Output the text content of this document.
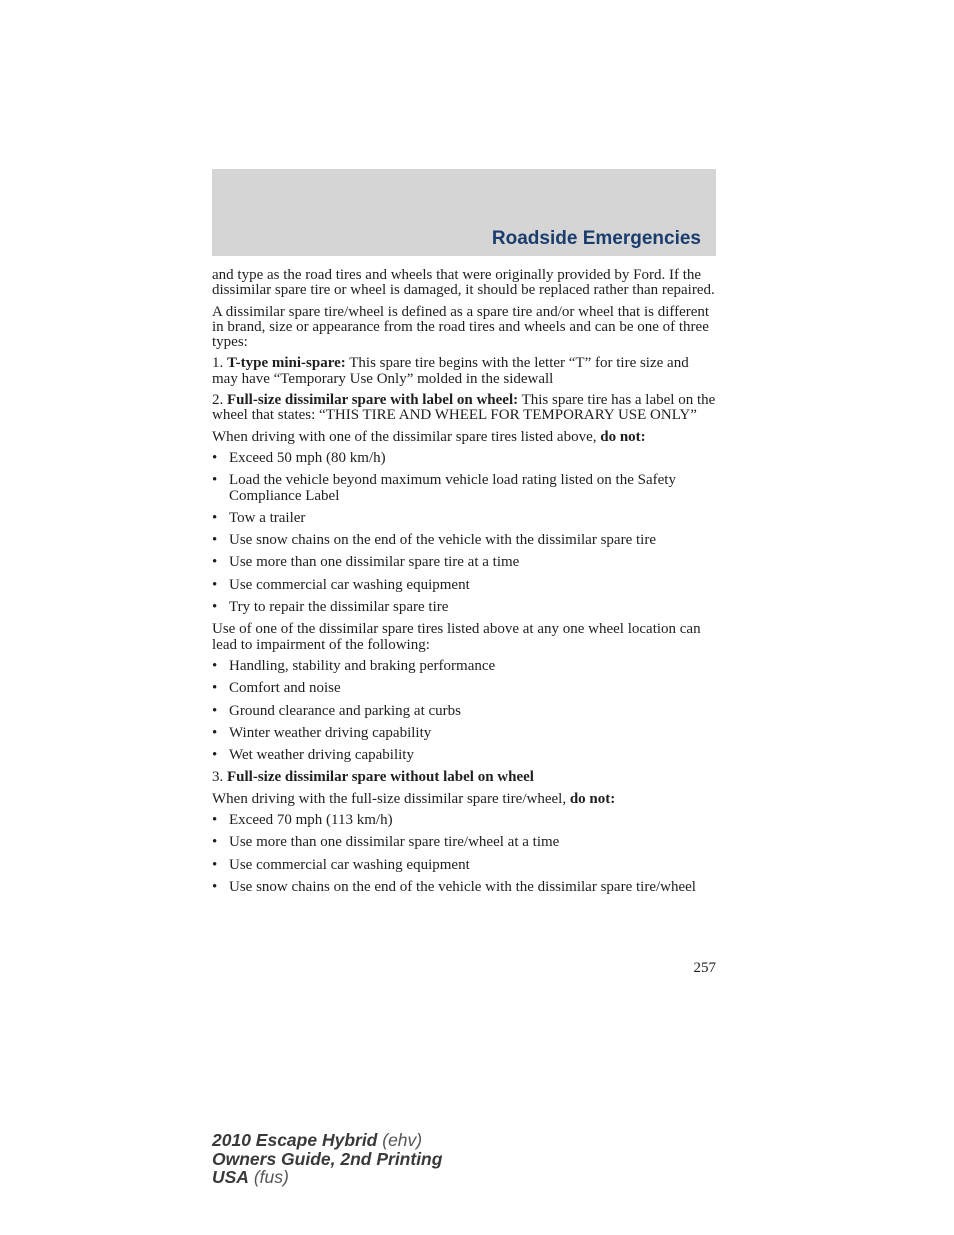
Roadside Emergencies

and type as the road tires and wheels that were originally provided by Ford. If the dissimilar spare tire or wheel is damaged, it should be replaced rather than repaired.

A dissimilar spare tire/wheel is defined as a spare tire and/or wheel that is different in brand, size or appearance from the road tires and wheels and can be one of three types:

1. T-type mini-spare: This spare tire begins with the letter “T” for tire size and may have “Temporary Use Only” molded in the sidewall

2. Full-size dissimilar spare with label on wheel: This spare tire has a label on the wheel that states: “THIS TIRE AND WHEEL FOR TEMPORARY USE ONLY”

When driving with one of the dissimilar spare tires listed above, do not:

• Exceed 50 mph (80 km/h)
• Load the vehicle beyond maximum vehicle load rating listed on the Safety Compliance Label
• Tow a trailer
• Use snow chains on the end of the vehicle with the dissimilar spare tire
• Use more than one dissimilar spare tire at a time
• Use commercial car washing equipment
• Try to repair the dissimilar spare tire

Use of one of the dissimilar spare tires listed above at any one wheel location can lead to impairment of the following:

• Handling, stability and braking performance
• Comfort and noise
• Ground clearance and parking at curbs
• Winter weather driving capability
• Wet weather driving capability

3. Full-size dissimilar spare without label on wheel

When driving with the full-size dissimilar spare tire/wheel, do not:

• Exceed 70 mph (113 km/h)
• Use more than one dissimilar spare tire/wheel at a time
• Use commercial car washing equipment
• Use snow chains on the end of the vehicle with the dissimilar spare tire/wheel
257
2010 Escape Hybrid (ehv)
Owners Guide, 2nd Printing
USA (fus)
